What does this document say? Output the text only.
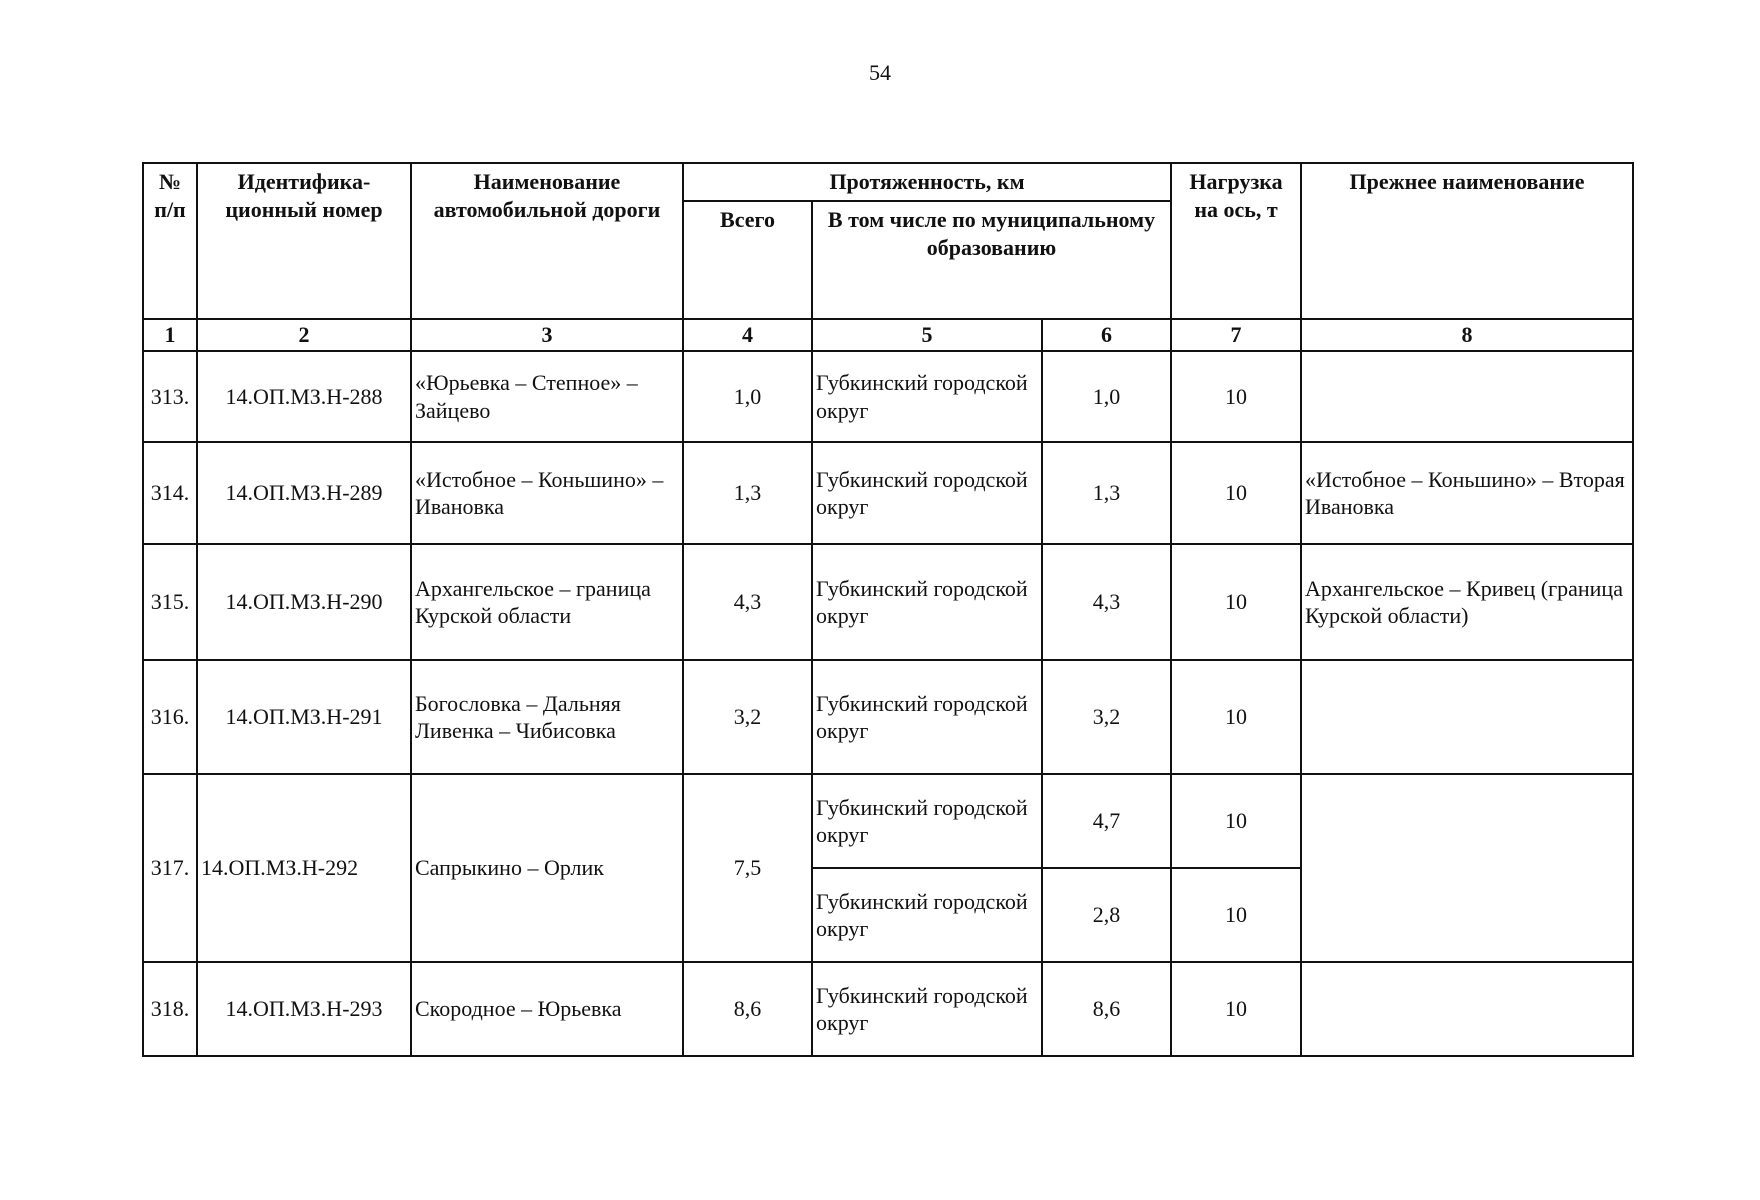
54
№ п/п	Идентифика-ционный номер	Наименование автомобильной дороги	Протяженность, км			Нагрузка на ось, т	Прежнее наименование
			Всего	В том числе по муниципальному образованию			
1	2	3	4	5	6	7	8
313.	14.ОП.МЗ.Н-288	«Юрьевка – Степное» – Зайцево	1,0	Губкинский городской округ	1,0	10	
314.	14.ОП.МЗ.Н-289	«Истобное – Коньшино» – Ивановка	1,3	Губкинский городской округ	1,3	10	«Истобное – Коньшино» – Вторая Ивановка
315.	14.ОП.МЗ.Н-290	Архангельское – граница Курской области	4,3	Губкинский городской округ	4,3	10	Архангельское – Кривец (граница Курской области)
316.	14.ОП.МЗ.Н-291	Богословка – Дальняя Ливенка – Чибисовка	3,2	Губкинский городской округ	3,2	10	
317.	14.ОП.МЗ.Н-292	Сапрыкино – Орлик	7,5	Губкинский городской округ	4,7	10	
				Губкинский городской округ	2,8	10	
318.	14.ОП.МЗ.Н-293	Скородное – Юрьевка	8,6	Губкинский городской округ	8,6	10	
